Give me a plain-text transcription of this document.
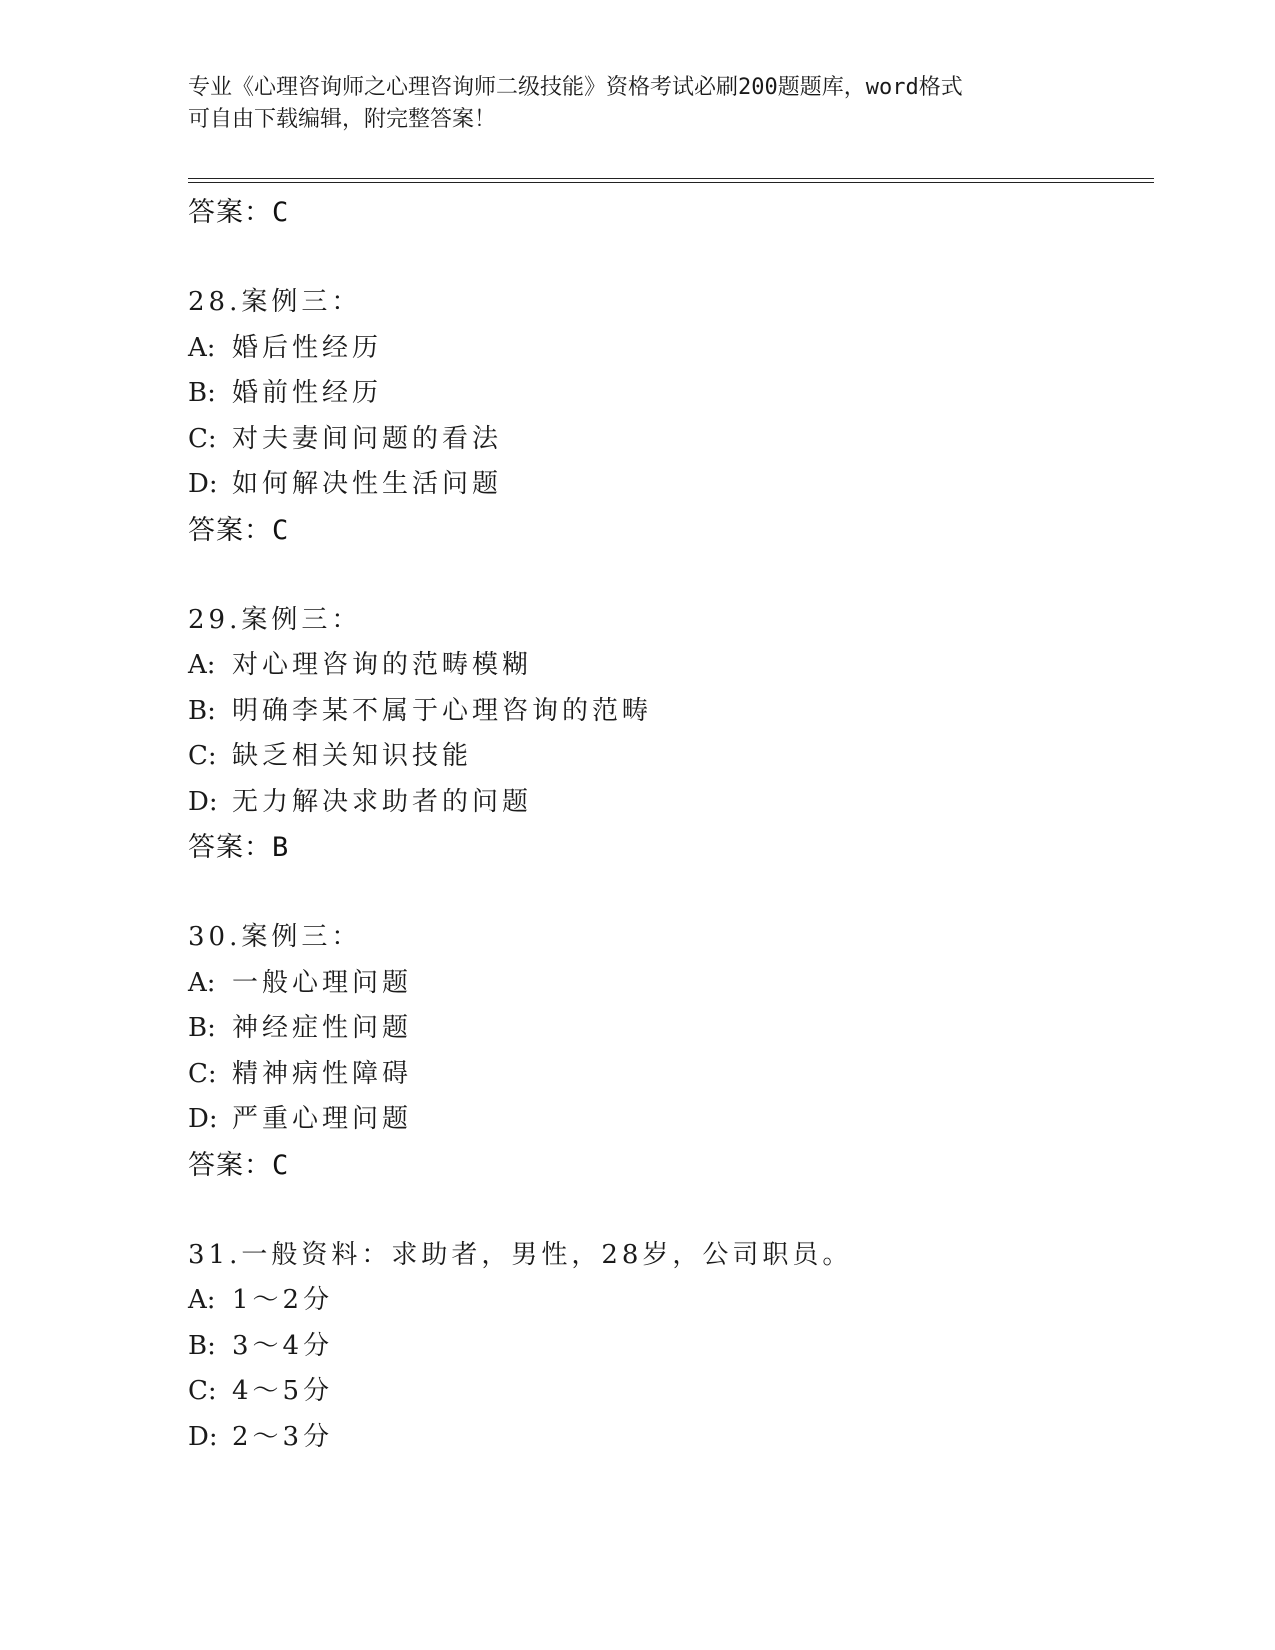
专业《心理咨询师之心理咨询师二级技能》资格考试必刷200题题库，word格式
可自由下载编辑，附完整答案！
答案：C
28.案例三：
A: 婚后性经历
B: 婚前性经历
C: 对夫妻间问题的看法
D: 如何解决性生活问题
答案：C
29.案例三：
A: 对心理咨询的范畴模糊
B: 明确李某不属于心理咨询的范畴
C: 缺乏相关知识技能
D: 无力解决求助者的问题
答案：B
30.案例三：
A: 一般心理问题
B: 神经症性问题
C: 精神病性障碍
D: 严重心理问题
答案：C
31.一般资料：求助者，男性，28岁，公司职员。
A: 1～2分
B: 3～4分
C: 4～5分
D: 2～3分
